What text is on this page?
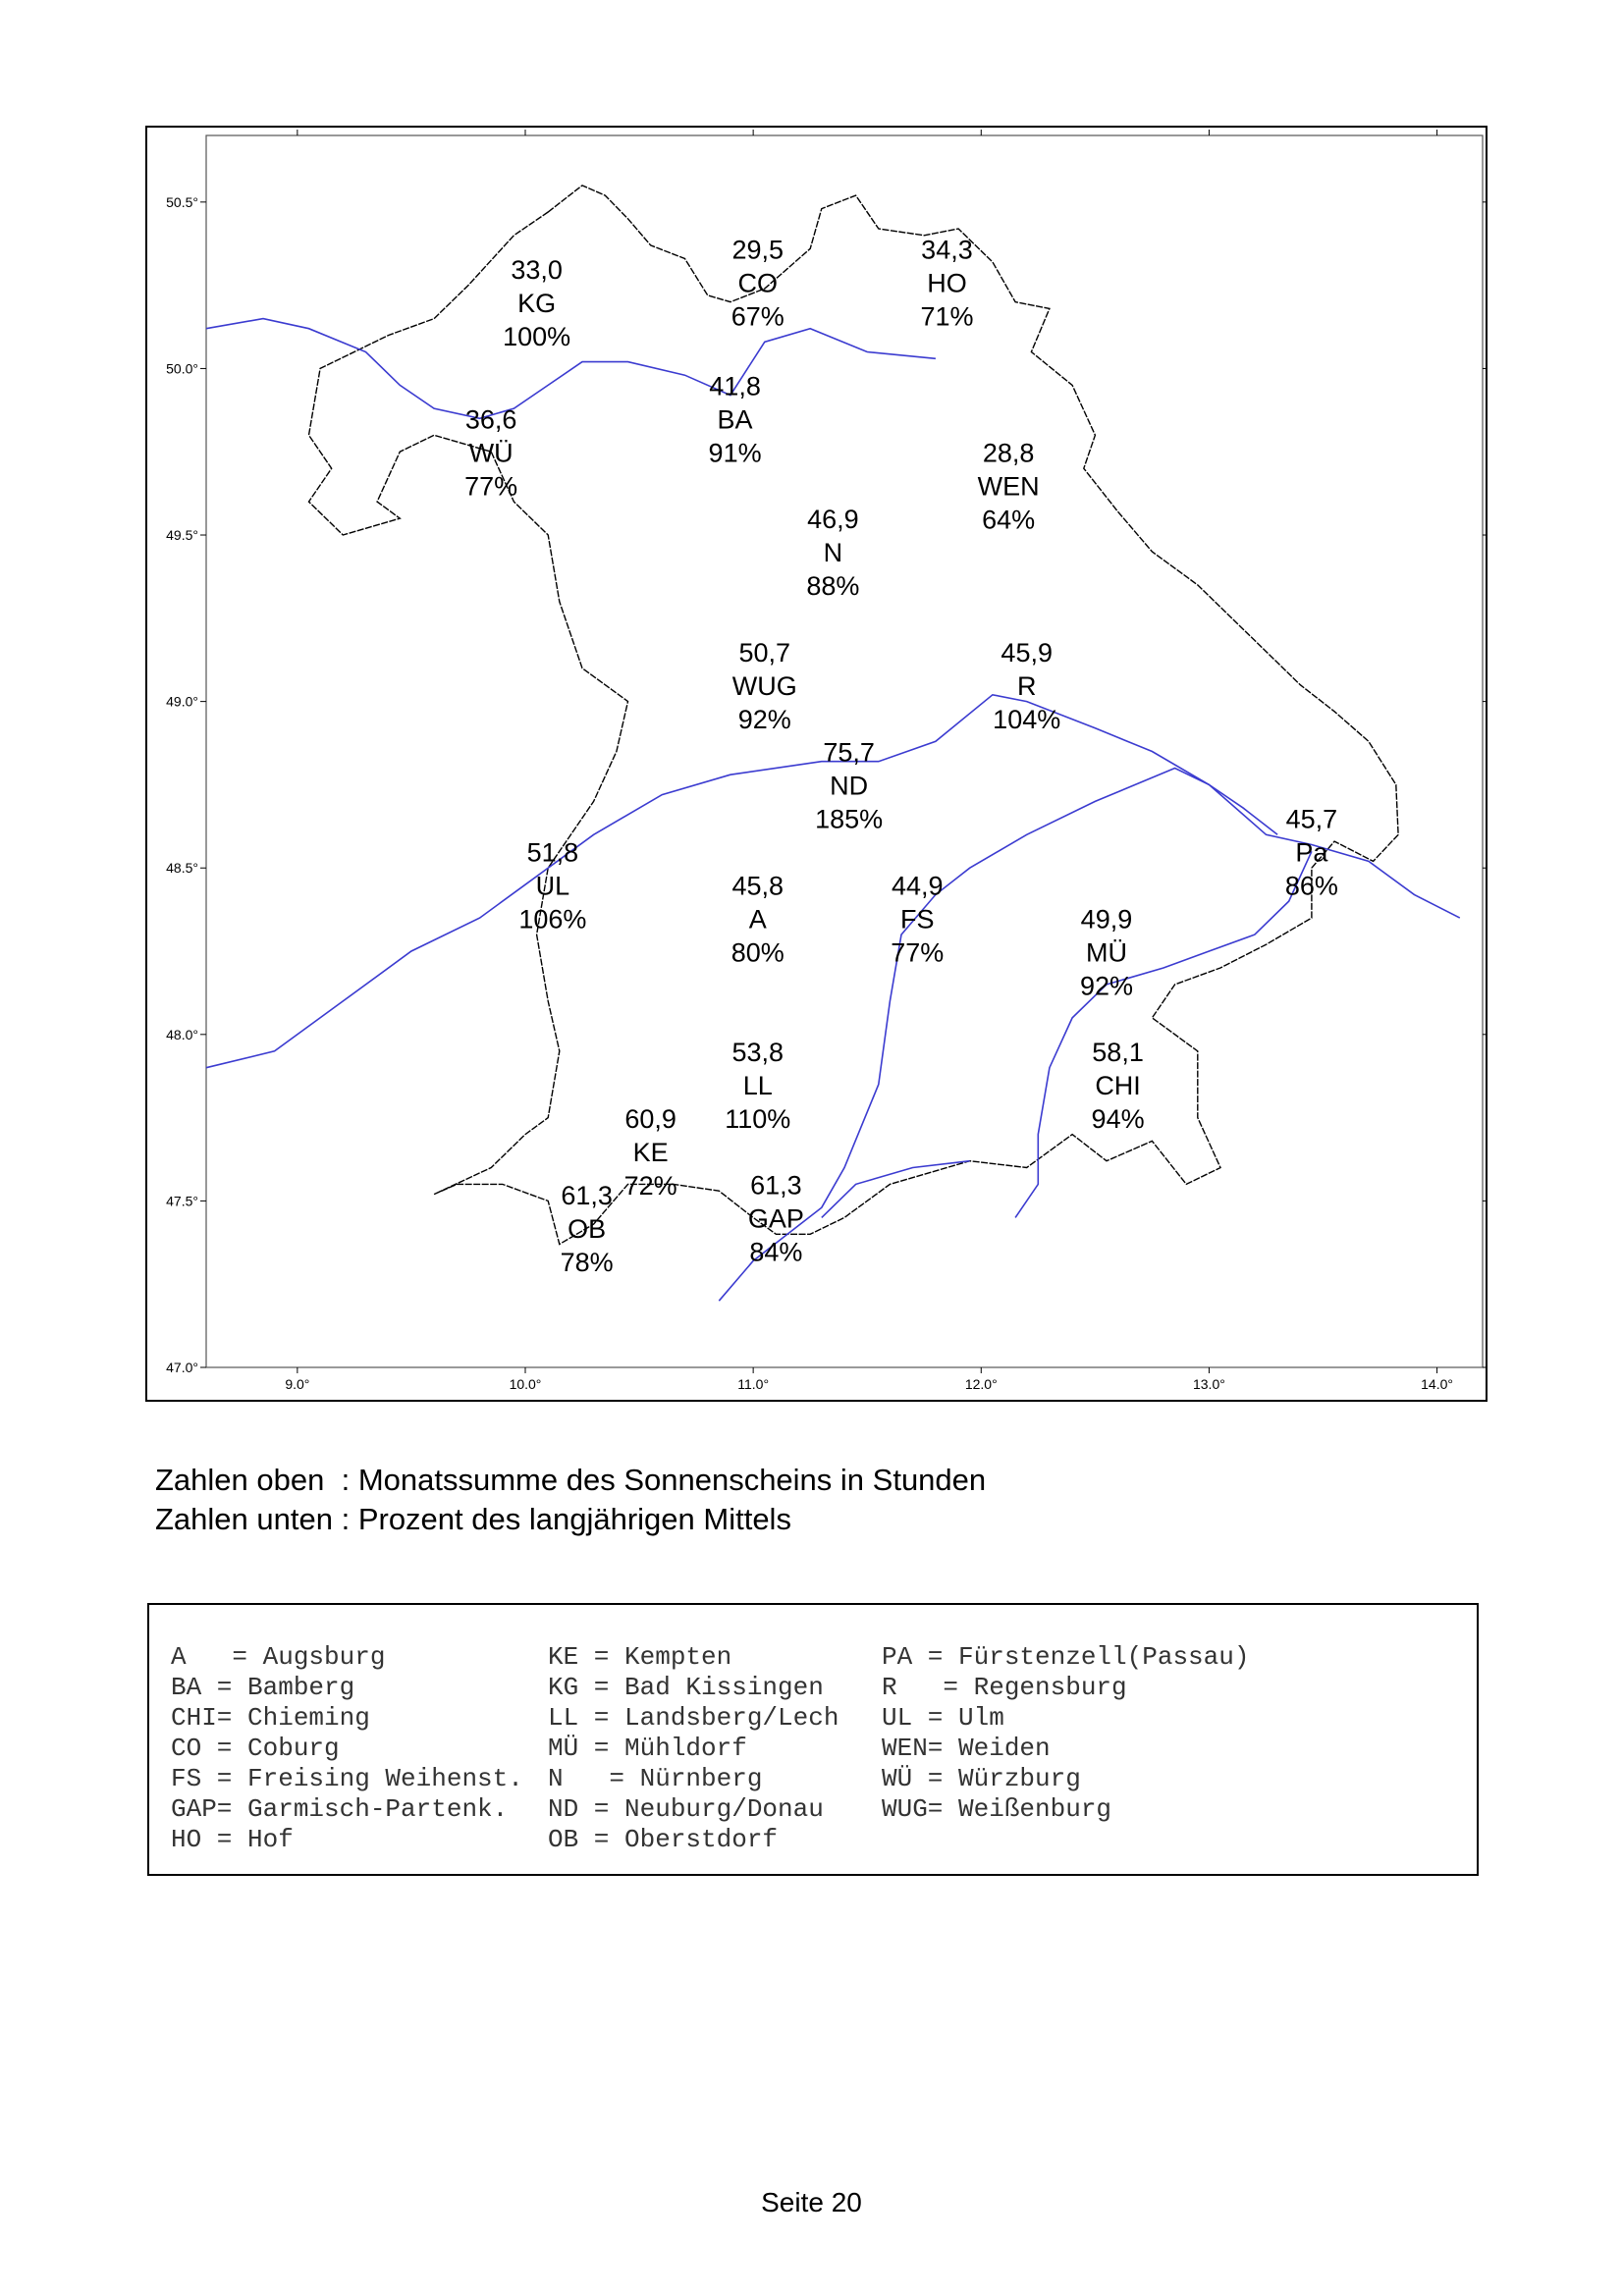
47.0°
47.5°
48.0°
48.5°
49.0°
49.5°
50.0°
50.5°
9.0°	10.0°	11.0°	12.0°	13.0°	14.0°
33,0
KG
100%
29,5
CO
67%
34,3
HO
71%
41,8
BA
91%
36,6
WÜ
77%
28,8
WEN
64%
46,9
N
88%
50,7
WUG
92%
45,9
R
104%
75,7
ND
185%	45,7
Pa
86%
51,8
UL
106%
45,8
A
80%
44,9
FS
77%
49,9
MÜ
92%
53,8
LL
110%
58,1
CHI
94%
60,9
KE
72%	61,3
GAP
84%
61,3
OB
78%
Zahlen oben  : Monatssumme des Sonnenscheins in Stunden
Zahlen unten : Prozent des langjährigen Mittels
A   = Augsburg	KE = Kempten	PA = Fürstenzell(Passau)
BA = Bamberg	KG = Bad Kissingen	R   = Regensburg
CHI= Chieming	LL = Landsberg/Lech	UL = Ulm
CO = Coburg	MÜ = Mühldorf	WEN= Weiden
FS = Freising Weihenst. N   = Nürnberg	WÜ = Würzburg
GAP= Garmisch-Partenk.	ND = Neuburg/Donau	WUG= Weißenburg
HO = Hof	OB = Oberstdorf
Seite 20
